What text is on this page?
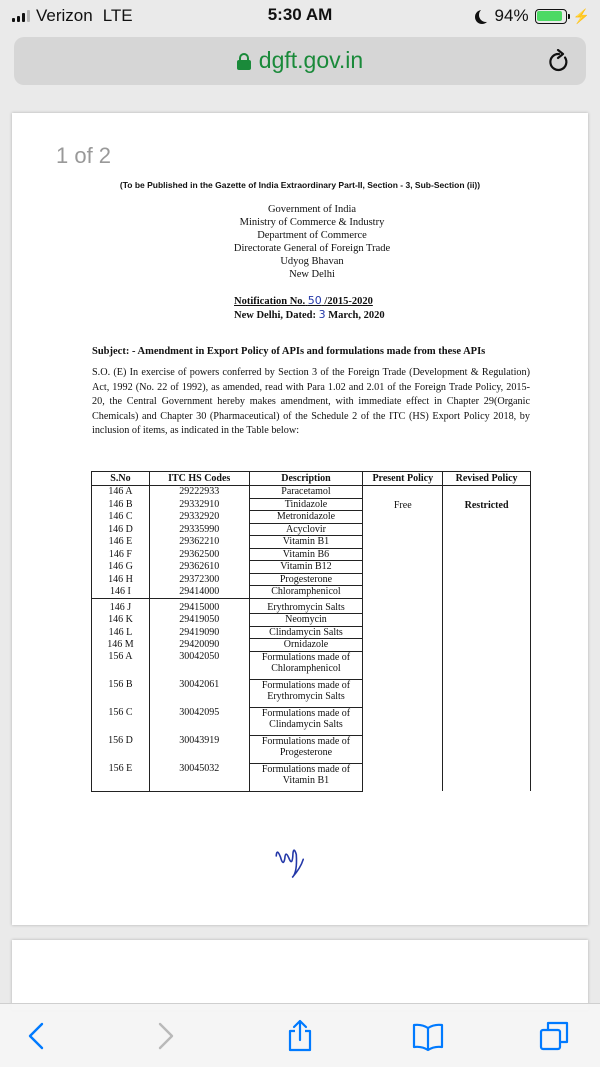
Verizon LTE	5:30 AM	94%	⚡
dgft.gov.in
1 of 2
(To be Published in the Gazette of India Extraordinary Part-II, Section - 3, Sub-Section (ii))
Government of India
Ministry of Commerce & Industry
Department of Commerce
Directorate General of Foreign Trade
Udyog Bhavan
New Delhi
Notification No. 50 /2015-2020
New Delhi, Dated: 3 March, 2020
Subject: - Amendment in Export Policy of APIs and formulations made from these APIs
S.O. (E) In exercise of powers conferred by Section 3 of the Foreign Trade (Development & Regulation) Act, 1992 (No. 22 of 1992), as amended, read with Para 1.02 and 2.01 of the Foreign Trade Policy, 2015-20, the Central Government hereby makes amendment, with immediate effect in Chapter 29(Organic Chemicals) and Chapter 30 (Pharmaceutical) of the Schedule 2 of the ITC (HS) Export Policy 2018, by inclusion of items, as indicated in the Table below:
S.No	ITC HS Codes	Description	Present Policy	Revised Policy
146 A	29222933	Paracetamol	Free	Restricted
146 B	29332910	Tinidazole		
146 C	29332920	Metronidazole		
146 D	29335990	Acyclovir		
146 E	29362210	Vitamin B1		
146 F	29362500	Vitamin B6		
146 G	29362610	Vitamin B12		
146 H	29372300	Progesterone		
146 I	29414000	Chloramphenicol		
146 J	29415000	Erythromycin Salts		
146 K	29419050	Neomycin		
146 L	29419090	Clindamycin Salts		
146 M	29420090	Ornidazole		
156 A	30042050	Formulations made of Chloramphenicol		
156 B	30042061	Formulations made of Erythromycin Salts		
156 C	30042095	Formulations made of Clindamycin Salts		
156 D	30043919	Formulations made of Progesterone		
156 E	30045032	Formulations made of Vitamin B1		
